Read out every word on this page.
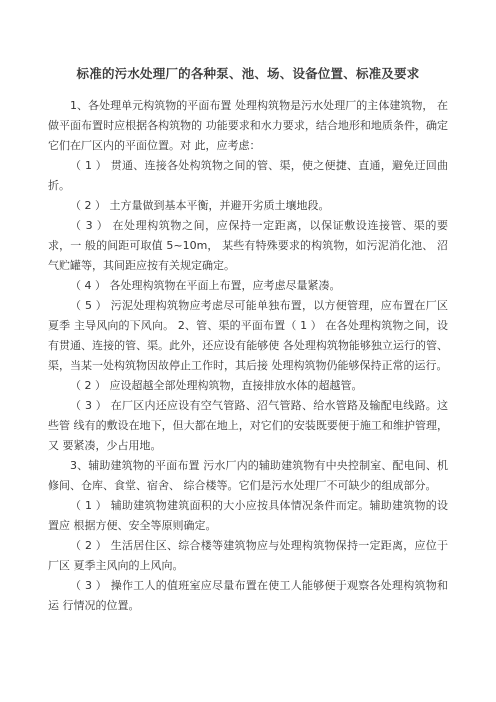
标准的污水处理厂的各种泵、池、场、设备位置、标准及要求

1、各处理单元构筑物的平面布置 处理构筑物是污水处理厂的主体建筑物， 在做平面布置时应根据各构筑物的 功能要求和水力要求，结合地形和地质条件，确定它们在厂区内的平面位置。对 此，应考虑：

（ 1 ） 贯通、连接各处构筑物之间的管、渠，使之便捷、直通，避免迂回曲折。

（ 2 ） 土方量做到基本平衡，并避开劣质土壤地段。

（ 3 ） 在处理构筑物之间，应保持一定距离，以保证敷设连接管、渠的要求，一 般的间距可取值 5~10m， 某些有特殊要求的构筑物，如污泥消化池、 沼气贮罐等，其间距应按有关规定确定。

（ 4 ） 各处理构筑物在平面上布置，应考虑尽量紧凑。

（ 5 ） 污泥处理构筑物应考虑尽可能单独布置，以方便管理，应布置在厂区夏季 主导风向的下风向。 2、管、渠的平面布置（ 1 ） 在各处理构筑物之间，设有贯通、连接的管、渠。此外，还应设有能够使 各处理构筑物能够独立运行的管、渠，当某一处构筑物因故停止工作时，其后接 处理构筑物仍能够保持正常的运行。

（ 2 ） 应设超越全部处理构筑物，直接排放水体的超越管。

（ 3 ） 在厂区内还应设有空气管路、沼气管路、给水管路及输配电线路。这些管 线有的敷设在地下，但大都在地上，对它们的安装既要便于施工和维护管理，又 要紧凑，少占用地。

3、辅助建筑物的平面布置 污水厂内的辅助建筑物有中央控制室、配电间、机修间、仓库、食堂、宿舍、 综合楼等。它们是污水处理厂不可缺少的组成部分。

（ 1 ） 辅助建筑物建筑面积的大小应按具体情况条件而定。辅助建筑物的设置应 根据方便、安全等原则确定。

（ 2 ） 生活居住区、综合楼等建筑物应与处理构筑物保持一定距离，应位于厂区 夏季主风向的上风向。

（ 3 ） 操作工人的值班室应尽量布置在使工人能够便于观察各处理构筑物和运 行情况的位置。
